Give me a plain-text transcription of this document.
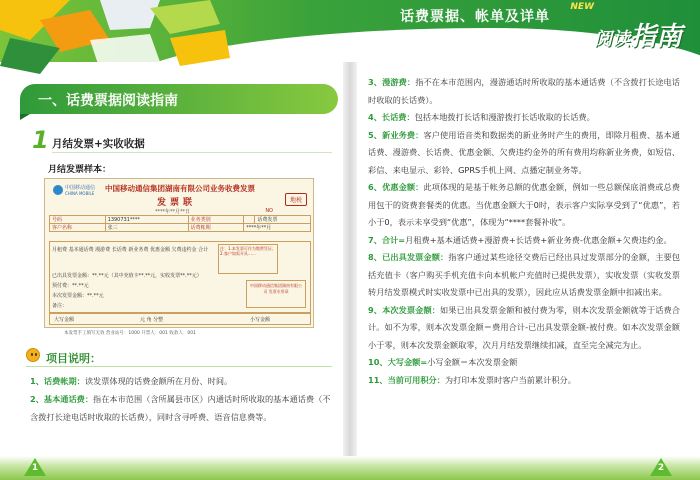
话费票据、帐单及详单
NEW
阅读指南
一、话费票据阅读指南
1 月结发票+实收收据
月结发票样本：
中国移动通信
CHINA MOBILE
中国移动通信集团湖南有限公司业务收费发票
发票联	地税
****年**月**日	NO
号码	1390731****	业务类别		话费发票
客户名称	张三	话费帐期	****年**月	
月租费 基本通话费 漫游费 长话费 新业务费 优惠金额 欠费违约金 合计
已出具发票金额：**.**元（其中充值卡**.**元，实收发票**.**元）
预付费：**.**元
本次发票金额：**.**元
备注：
注：1.本发票可作为缴费凭证；2.客户如需开具……
中国移动通信集团湖南有限公司 发票专用章
大写金额	元 角 分整	小写金额
本发票手工填写无效 营业站号：1000 开票人：001 收款人：001
项目说明：

1、话费帐期：读发票体现的话费金额所在月份、时间。

2、基本通话费：指在本市范围（含所属县市区）内通话时所收取的基本通话费（不含拨打长途电话时收取的长话费），同时含寻呼费、语音信息费等。

3、漫游费：指不在本市范围内，漫游通话时所收取的基本通话费（不含拨打长途电话时收取的长话费）。

4、长话费：包括本地拨打长话和漫游拨打长话收取的长话费。

5、新业务费：客户使用语音类和数据类的新业务时产生的费用，即除月租费、基本通话费、漫游费、长话费、优惠金额、欠费违约金外的所有费用均称新业务费，如短信、彩信、来电显示、彩铃、GPRS手机上网、点播定制业务等。

6、优惠金额：此项体现的是基于帐务总额的优惠金额，例如一些总额保底消费或总费用包干的资费套餐类的优惠。当优惠金额大于0时，表示客户实际享受到了“优惠”，若小于0，表示未享受到“优惠”，体现为“****套餐补收”。

7、合计=月租费+基本通话费+漫游费+长话费+新业务费-优惠金额+欠费违约金。

8、已出具发票金额：指客户通过某些途径交费后已经出具过发票部分的金额，主要包括充值卡（客户购买手机充值卡向本机帐户充值时已提供发票），实收发票（实收发票转月结发票模式时实收发票中已出具的发票），因此应从话费发票金额中扣减出来。

9、本次发票金额：如果已出具发票金额和被付费为零，则本次发票金额就等于话费合计。如不为零，则本次发票金额＝费用合计-已出具发票金额-被付费。如本次发票金额小于零，则本次发票金额取零，次月月结发票继续扣减，直至完全减完为止。

10、大写金额=小写金额＝本次发票金额

11、当前可用积分：为打印本发票时客户当前累计积分。

1	2
